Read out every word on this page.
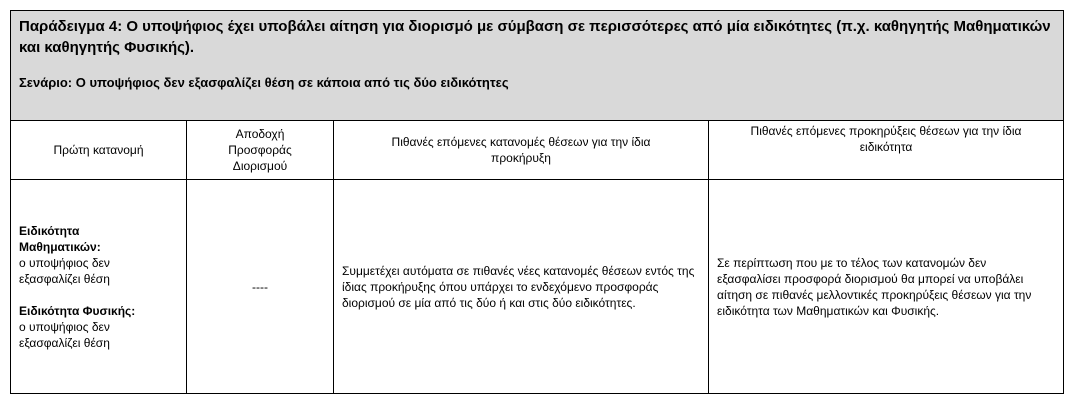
Παράδειγμα 4: Ο υποψήφιος έχει υποβάλει αίτηση για διορισμό με σύμβαση σε περισσότερες από μία ειδικότητες (π.χ. καθηγητής Μαθηματικών και καθηγητής Φυσικής).

Σενάριο: Ο υποψήφιος δεν εξασφαλίζει θέση σε κάποια από τις δύο ειδικότητες			

Πρώτη κατανομή	Αποδοχή Προσφοράς Διορισμού	Πιθανές επόμενες κατανομές θέσεων για την ίδια προκήρυξη	Πιθανές επόμενες προκηρύξεις θέσεων για την ίδια ειδικότητα

Ειδικότητα Μαθηματικών:
ο υποψήφιος δεν εξασφαλίζει θέση
Ειδικότητα Φυσικής:
ο υποψήφιος δεν εξασφαλίζει θέση	----	Συμμετέχει αυτόματα σε πιθανές νέες κατανομές θέσεων εντός της ίδιας προκήρυξης όπου υπάρχει το ενδεχόμενο προσφοράς διορισμού σε μία από τις δύο ή και στις δύο ειδικότητες.	Σε περίπτωση που με το τέλος των κατανομών δεν εξασφαλίσει προσφορά διορισμού θα μπορεί να υποβάλει αίτηση σε πιθανές μελλοντικές προκηρύξεις θέσεων για την ειδικότητα των Μαθηματικών και Φυσικής.
